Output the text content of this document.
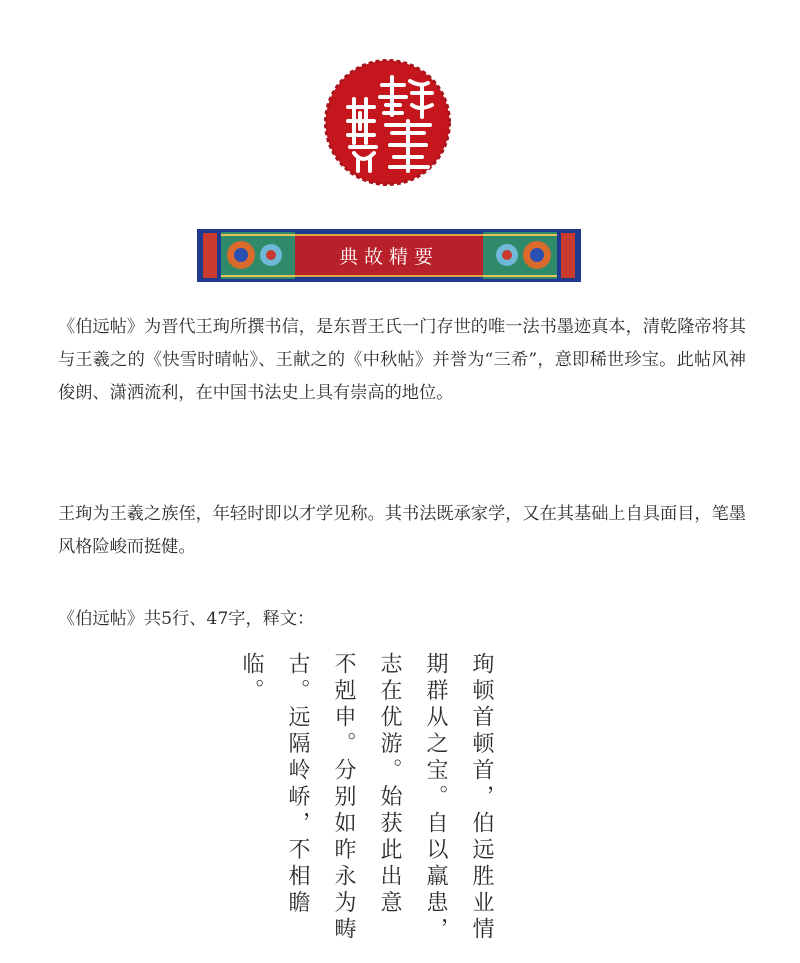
典故精要

《伯远帖》为晋代王珣所撰书信，是东晋王氏一门存世的唯一法书墨迹真本，清乾隆帝将其与王羲之的《快雪时晴帖》、王献之的《中秋帖》并誉为“三希”，意即稀世珍宝。此帖风神俊朗、潇洒流利，在中国书法史上具有崇高的地位。

王珣为王羲之族侄，年轻时即以才学见称。其书法既承家学，又在其基础上自具面目，笔墨风格险峻而挺健。

《伯远帖》共5行、47字，释文：

珣顿首顿首，伯远胜业情
期群从之宝。自以羸患，
志在优游。始获此出意
不剋申。分别如昨永为畴
古。远隔岭峤，不相瞻临。
